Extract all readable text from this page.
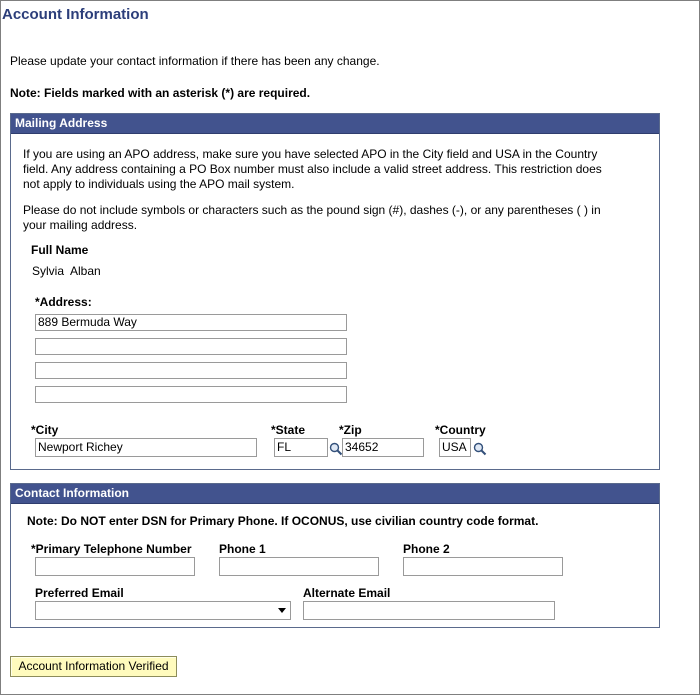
Account Information
Please update your contact information if there has been any change.
Note: Fields marked with an asterisk (*) are required.
Mailing Address
If you are using an APO address, make sure you have selected APO in the City field and USA in the Country
field. Any address containing a PO Box number must also include a valid street address. This restriction does
not apply to individuals using the APO mail system.
Please do not include symbols or characters such as the pound sign (#), dashes (-), or any parentheses ( ) in
your mailing address.
Full Name
Sylvia  Alban
*Address:
889 Bermuda Way
*City
Newport Richey
*State
FL
*Zip
34652
*Country
USA
Contact Information
Note: Do NOT enter DSN for Primary Phone. If OCONUS, use civilian country code format.
*Primary Telephone Number Phone 1	Phone 2
Preferred Email	Alternate Email
Account Information Verified
